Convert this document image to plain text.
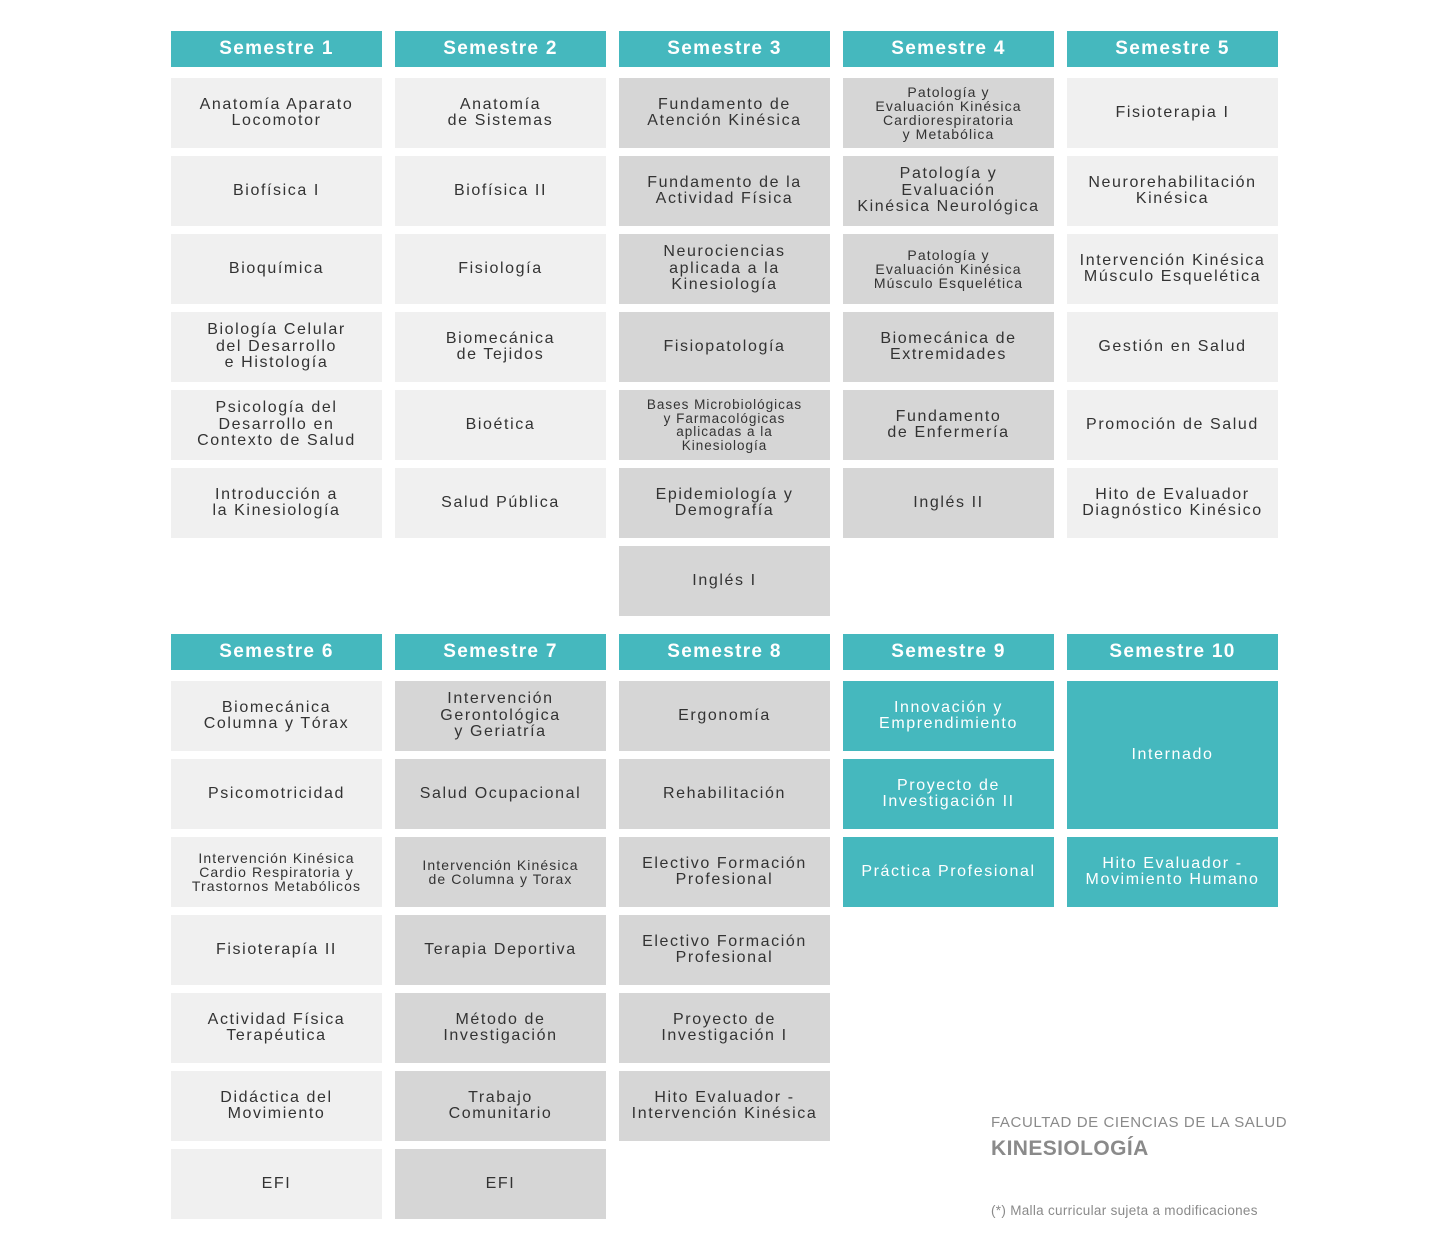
Semestre 1
Anatomía Aparato
Locomotor
Biofísica I
Bioquímica
Biología Celular
del Desarrollo
e Histología
Psicología del
Desarrollo en
Contexto de Salud
Introducción a
la Kinesiología
Semestre 2
Anatomía
de Sistemas
Biofísica II
Fisiología
Biomecánica
de Tejidos
Bioética
Salud Pública
Semestre 3
Fundamento de
Atención Kinésica
Fundamento de la
Actividad Física
Neurociencias
aplicada a la
Kinesiología
Fisiopatología
Bases Microbiológicas
y Farmacológicas
aplicadas a la
Kinesiología
Epidemiología y
Demografía
Inglés I
Semestre 4
Patología y
Evaluación Kinésica
Cardiorespiratoria
y Metabólica
Patología y
Evaluación
Kinésica Neurológica
Patología y
Evaluación Kinésica
Músculo Esquelética
Biomecánica de
Extremidades
Fundamento
de Enfermería
Inglés II
Semestre 5
Fisioterapia I
Neurorehabilitación
Kinésica
Intervención Kinésica
Músculo Esquelética
Gestión en Salud
Promoción de Salud
Hito de Evaluador
Diagnóstico Kinésico
Semestre 6
Biomecánica
Columna y Tórax
Psicomotricidad
Intervención Kinésica
Cardio Respiratoria y
Trastornos Metabólicos
Fisioterapía II
Actividad Física
Terapéutica
Didáctica del
Movimiento
EFI
Semestre 7
Intervención
Gerontológica
y Geriatría
Salud Ocupacional
Intervención Kinésica
de Columna y Torax
Terapia Deportiva
Método de
Investigación
Trabajo
Comunitario
EFI
Semestre 8
Ergonomía
Rehabilitación
Electivo Formación
Profesional
Electivo Formación
Profesional
Proyecto de
Investigación I
Hito Evaluador -
Intervención Kinésica
Semestre 9
Innovación y
Emprendimiento
Proyecto de
Investigación II
Práctica Profesional
Semestre 10
Internado
Hito Evaluador -
Movimiento Humano
FACULTAD DE CIENCIAS DE LA SALUD
KINESIOLOGÍA
(*) Malla curricular sujeta a modificaciones
